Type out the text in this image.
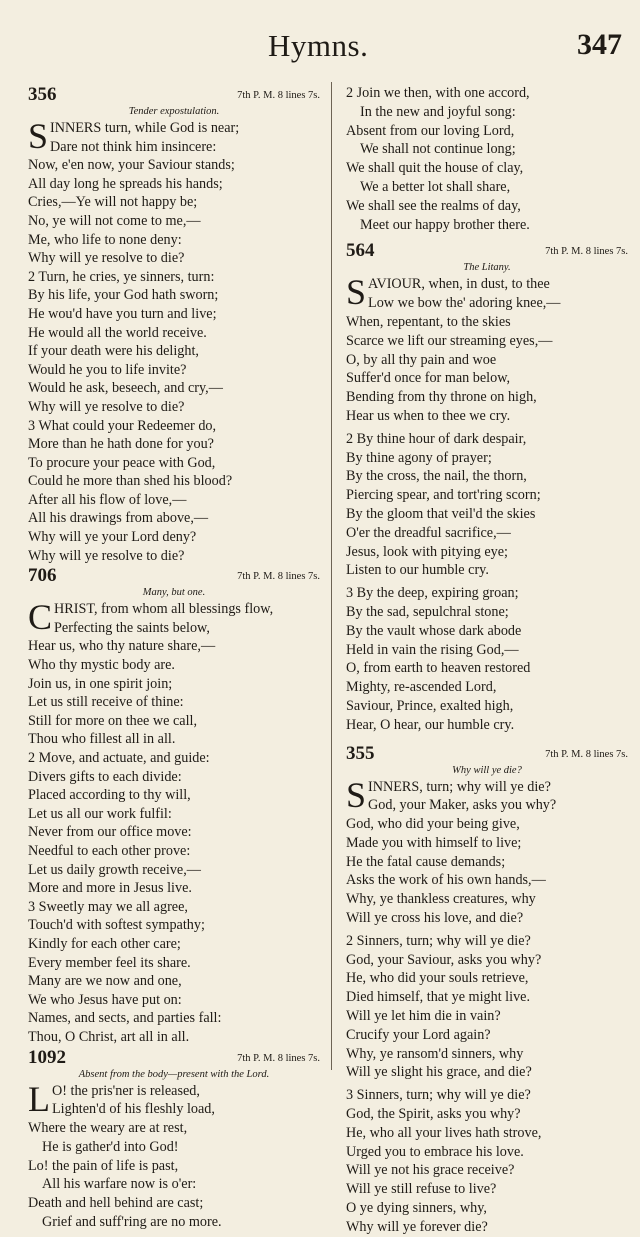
Hymns.	347
356	7th P. M. 8 lines 7s.
Tender expostulation.
S INNERS turn, while God is near;
Dare not think him insincere:
Now, e'en now, your Saviour stands;
All day long he spreads his hands;
Cries,—Ye will not happy be;
No, ye will not come to me,—
Me, who life to none deny:
Why will ye resolve to die?
2 Turn, he cries, ye sinners, turn:
By his life, your God hath sworn;
He wou'd have you turn and live;
He would all the world receive.
If your death were his delight,
Would he you to life invite?
Would he ask, beseech, and cry,—
Why will ye resolve to die?
3 What could your Redeemer do,
More than he hath done for you?
To procure your peace with God,
Could he more than shed his blood?
After all his flow of love,—
All his drawings from above,—
Why will ye your Lord deny?
Why will ye resolve to die?
706	7th P. M. 8 lines 7s.
Many, but one.
C HRIST, from whom all blessings flow,
Perfecting the saints below,
Hear us, who thy nature share,—
Who thy mystic body are.
Join us, in one spirit join;
Let us still receive of thine:
Still for more on thee we call,
Thou who fillest all in all.
2 Move, and actuate, and guide:
Divers gifts to each divide:
Placed according to thy will,
Let us all our work fulfil:
Never from our office move:
Needful to each other prove:
Let us daily growth receive,—
More and more in Jesus live.
3 Sweetly may we all agree,
Touch'd with softest sympathy;
Kindly for each other care;
Every member feel its share.
Many are we now and one,
We who Jesus have put on:
Names, and sects, and parties fall:
Thou, O Christ, art all in all.
1092	7th P. M. 8 lines 7s.
Absent from the body—present with the Lord.
L O! the pris'ner is released,
Lighten'd of his fleshly load,
Where the weary are at rest,
He is gather'd into God!
Lo! the pain of life is past,
All his warfare now is o'er:
Death and hell behind are cast;
Grief and suff'ring are no more.
2 Join we then, with one accord,
In the new and joyful song:
Absent from our loving Lord,
We shall not continue long;
We shall quit the house of clay,
We a better lot shall share,
We shall see the realms of day,
Meet our happy brother there.
564	7th P. M. 8 lines 7s.
The Litany.
S AVIOUR, when, in dust, to thee
Low we bow the' adoring knee,—
When, repentant, to the skies
Scarce we lift our streaming eyes,—
O, by all thy pain and woe
Suffer'd once for man below,
Bending from thy throne on high,
Hear us when to thee we cry.
2 By thine hour of dark despair,
By thine agony of prayer;
By the cross, the nail, the thorn,
Piercing spear, and tort'ring scorn;
By the gloom that veil'd the skies
O'er the dreadful sacrifice,—
Jesus, look with pitying eye;
Listen to our humble cry.
3 By the deep, expiring groan;
By the sad, sepulchral stone;
By the vault whose dark abode
Held in vain the rising God,—
O, from earth to heaven restored
Mighty, re-ascended Lord,
Saviour, Prince, exalted high,
Hear, O hear, our humble cry.
355	7th P. M. 8 lines 7s.
Why will ye die?
S INNERS, turn; why will ye die?
God, your Maker, asks you why?
God, who did your being give,
Made you with himself to live;
He the fatal cause demands;
Asks the work of his own hands,—
Why, ye thankless creatures, why
Will ye cross his love, and die?
2 Sinners, turn; why will ye die?
God, your Saviour, asks you why?
He, who did your souls retrieve,
Died himself, that ye might live.
Will ye let him die in vain?
Crucify your Lord again?
Why, ye ransom'd sinners, why
Will ye slight his grace, and die?
3 Sinners, turn; why will ye die?
God, the Spirit, asks you why?
He, who all your lives hath strove,
Urged you to embrace his love.
Will ye not his grace receive?
Will ye still refuse to live?
O ye dying sinners, why,
Why will ye forever die?
